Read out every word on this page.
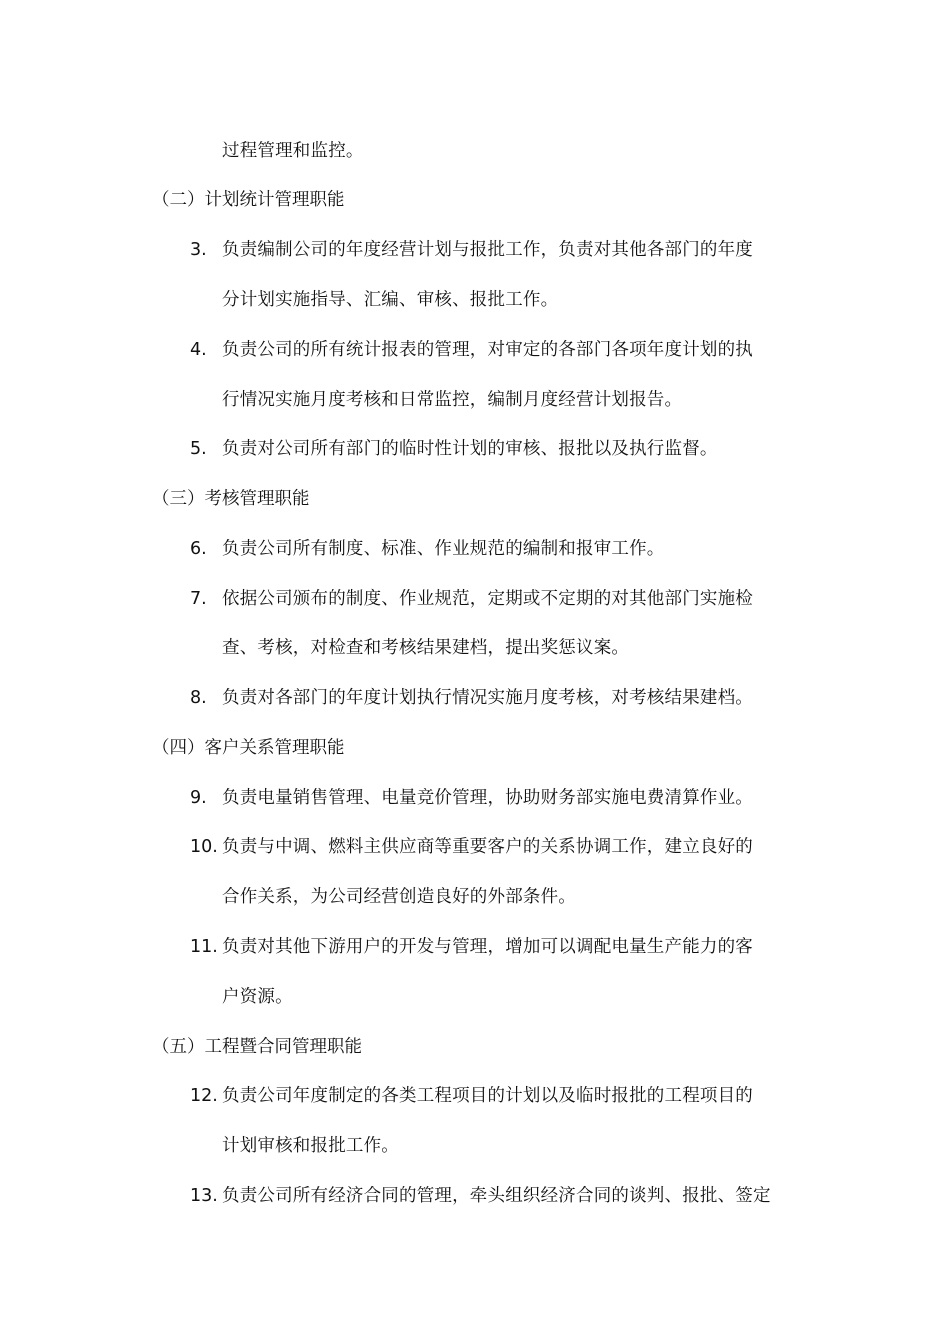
过程管理和监控。
（二）计划统计管理职能
3. 负责编制公司的年度经营计划与报批工作，负责对其他各部门的年度
分计划实施指导、汇编、审核、报批工作。
4. 负责公司的所有统计报表的管理，对审定的各部门各项年度计划的执
行情况实施月度考核和日常监控，编制月度经营计划报告。
5. 负责对公司所有部门的临时性计划的审核、报批以及执行监督。
（三）考核管理职能
6. 负责公司所有制度、标准、作业规范的编制和报审工作。
7. 依据公司颁布的制度、作业规范，定期或不定期的对其他部门实施检
查、考核，对检查和考核结果建档，提出奖惩议案。
8. 负责对各部门的年度计划执行情况实施月度考核，对考核结果建档。
（四）客户关系管理职能
9. 负责电量销售管理、电量竞价管理，协助财务部实施电费清算作业。
10. 负责与中调、燃料主供应商等重要客户的关系协调工作，建立良好的
合作关系，为公司经营创造良好的外部条件。
11. 负责对其他下游用户的开发与管理，增加可以调配电量生产能力的客
户资源。
（五）工程暨合同管理职能
12. 负责公司年度制定的各类工程项目的计划以及临时报批的工程项目的
计划审核和报批工作。
13. 负责公司所有经济合同的管理，牵头组织经济合同的谈判、报批、签定
